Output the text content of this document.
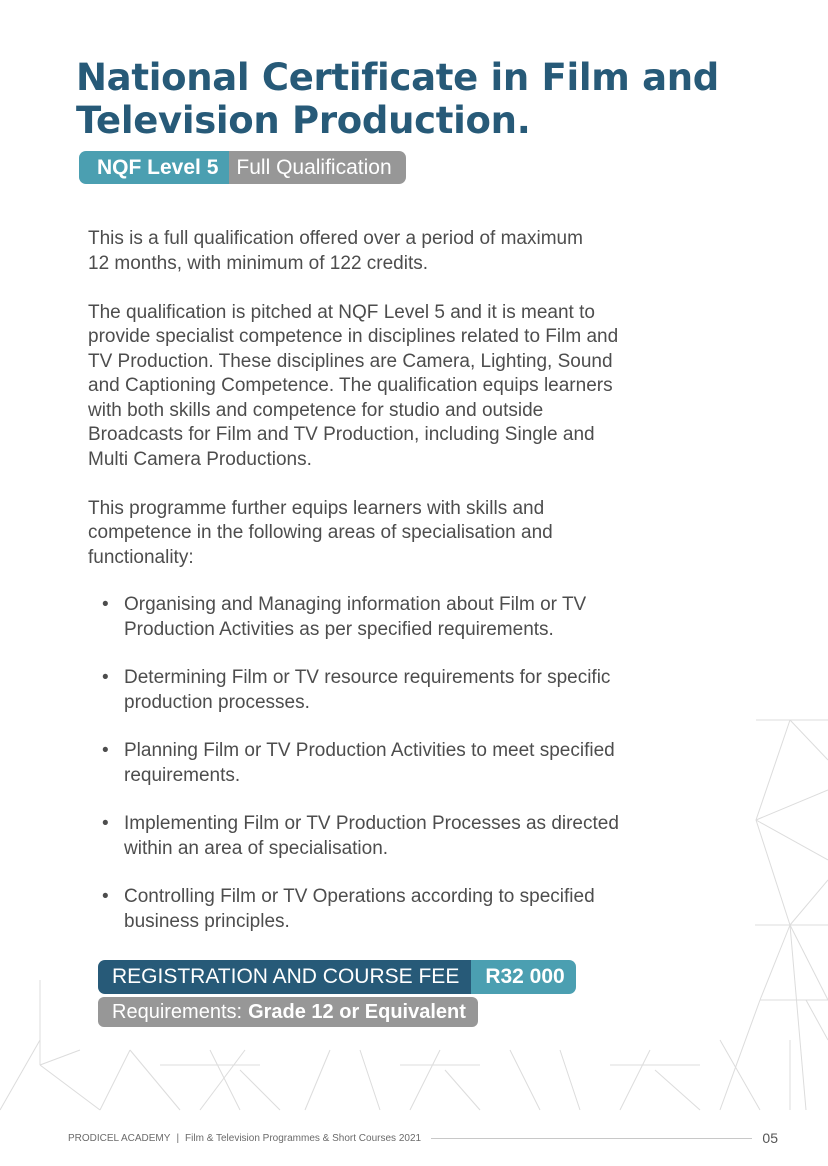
National Certificate in Film and
Television Production.
NQF Level 5 Full Qualification

This is a full qualification offered over a period of maximum
12 months, with minimum of 122 credits.

The qualification is pitched at NQF Level 5 and it is meant to
provide specialist competence in disciplines related to Film and
TV Production. These disciplines are Camera, Lighting, Sound
and Captioning Competence. The qualification equips learners
with both skills and competence for studio and outside
Broadcasts for Film and TV Production, including Single and
Multi Camera Productions.

This programme further equips learners with skills and
competence in the following areas of specialisation and
functionality:

• Organising and Managing information about Film or TV
Production Activities as per specified requirements.
• Determining Film or TV resource requirements for specific
production processes.
• Planning Film or TV Production Activities to meet specified
requirements.
• Implementing Film or TV Production Processes as directed
within an area of specialisation.
• Controlling Film or TV Operations according to specified
business principles.
REGISTRATION AND COURSE FEE	R32 000
Requirements: Grade 12 or Equivalent
PRODICEL ACADEMY | Film & Television Programmes & Short Courses 2021	05
